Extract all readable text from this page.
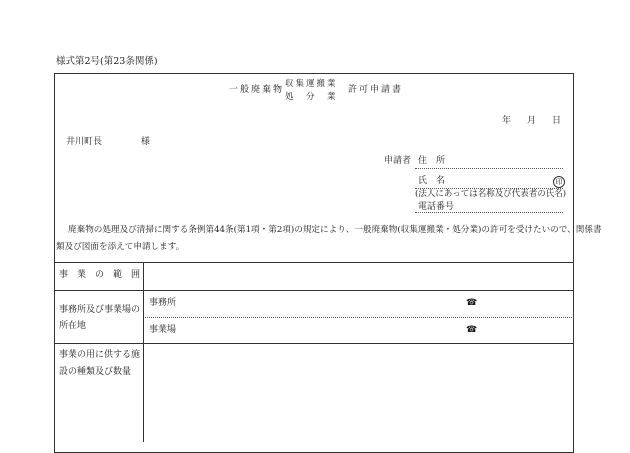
様式第2号(第23条関係)
一般廃棄物
収集運搬業
処　分　業
許可申請書
年 月 日
井川町長	様
申請者 住　所
氏　名	印
(法人にあっては名称及び代表者の氏名)
電話番号
廃棄物の処理及び清掃に関する条例第44条(第1項・第2項)の規定により、一般廃棄物(収集運搬業・処分業)の許可を受けたいので、関係書
類及び図面を添えて申請します。
事　業　の　範　囲
事務所及び事業場の
所在地
事務所	☎
事業場	☎
事業の用に供する施
設の種類及び数量
